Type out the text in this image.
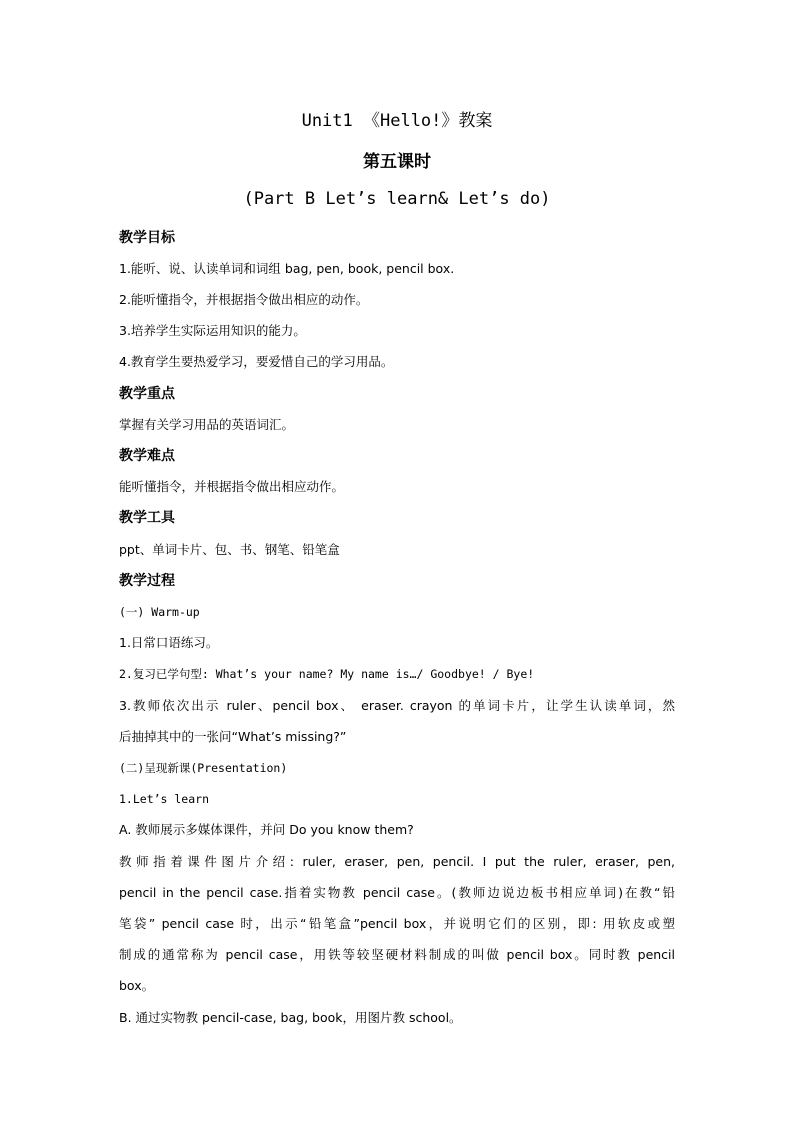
Unit1 《Hello!》教案
第五课时
(Part B Let’s learn& Let’s do)
教学目标
1.能听、说、认读单词和词组 bag, pen, book, pencil box.
2.能听懂指令，并根据指令做出相应的动作。
3.培养学生实际运用知识的能力。
4.教育学生要热爱学习，要爱惜自己的学习用品。
教学重点
掌握有关学习用品的英语词汇。
教学难点
能听懂指令，并根据指令做出相应动作。
教学工具
ppt、单词卡片、包、书、钢笔、铅笔盒
教学过程
(一) Warm-up
1.日常口语练习。
2.复习已学句型: What’s your name? My name is…/ Goodbye! / Bye!
3.教师依次出示 ruler、pencil box、 eraser. crayon 的单词卡片，让学生认读单词，然
后抽掉其中的一张问“What’s missing?”
(二)呈现新课(Presentation)
1.Let’s learn
A. 教师展示多媒体课件，并问 Do you know them?
教师指着课件图片介绍: ruler, eraser, pen, pencil. I put the ruler, eraser, pen,
pencil in the pencil case.指着实物教 pencil case。(教师边说边板书相应单词)在教“铅
笔袋” pencil case 时，出示“铅笔盒”pencil box，并说明它们的区别，即: 用软皮或塑
制成的通常称为 pencil case，用铁等较坚硬材料制成的叫做 pencil box。同时教 pencil
box。
B. 通过实物教 pencil-case, bag, book，用图片教 school。
